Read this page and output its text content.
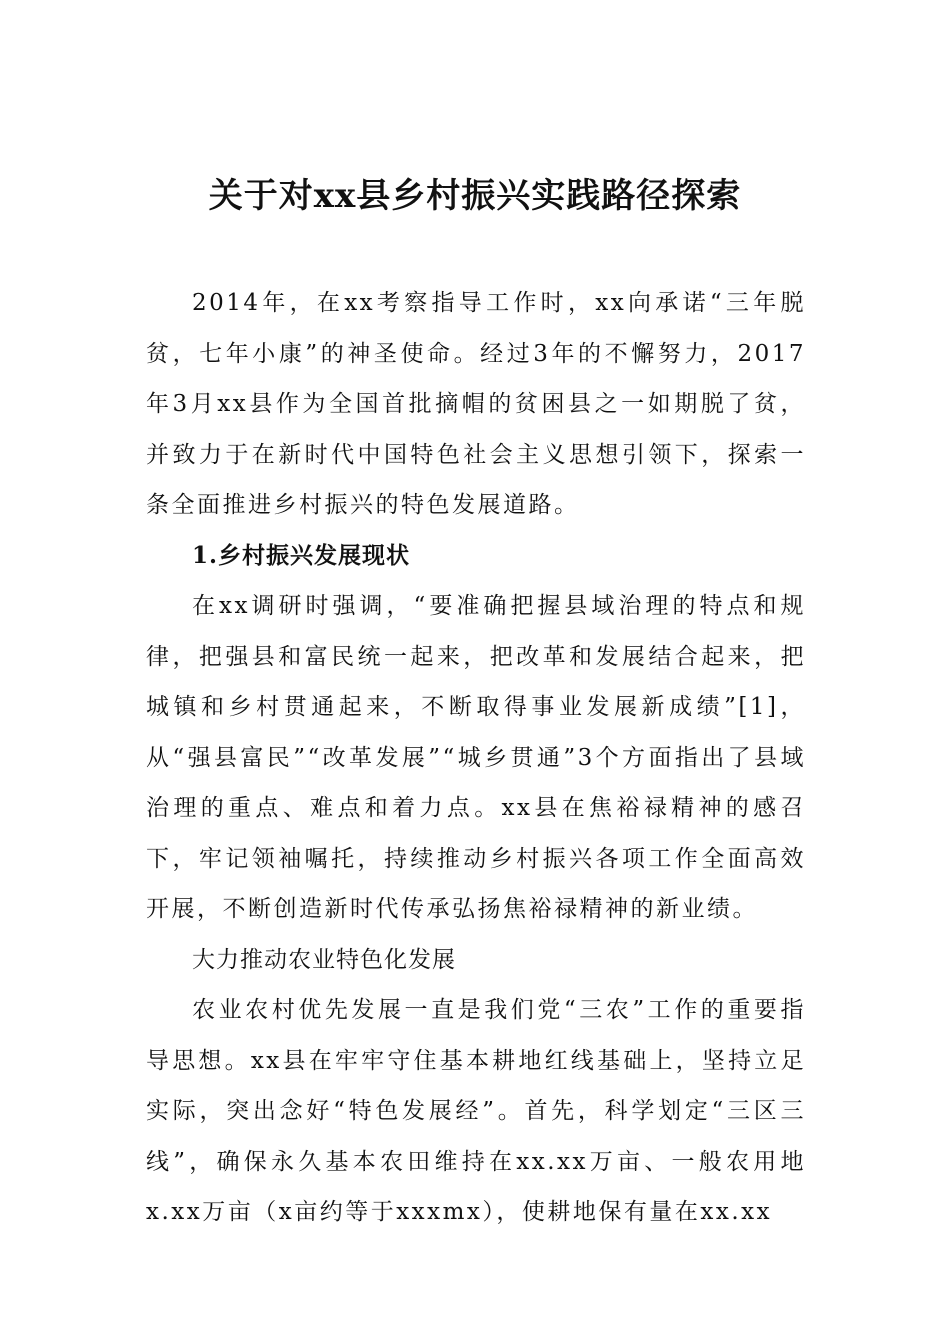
关于对xx县乡村振兴实践路径探索

2014年，在xx考察指导工作时，xx向承诺“三年脱贫，七年小康”的神圣使命。经过3年的不懈努力，2017年3月xx县作为全国首批摘帽的贫困县之一如期脱了贫，并致力于在新时代中国特色社会主义思想引领下，探索一条全面推进乡村振兴的特色发展道路。

1.乡村振兴发展现状

在xx调研时强调，“要准确把握县域治理的特点和规律，把强县和富民统一起来，把改革和发展结合起来，把城镇和乡村贯通起来，不断取得事业发展新成绩”[1]，从“强县富民”“改革发展”“城乡贯通”3个方面指出了县域治理的重点、难点和着力点。xx县在焦裕禄精神的感召下，牢记领袖嘱托，持续推动乡村振兴各项工作全面高效开展，不断创造新时代传承弘扬焦裕禄精神的新业绩。

大力推动农业特色化发展

农业农村优先发展一直是我们党“三农”工作的重要指导思想。xx县在牢牢守住基本耕地红线基础上，坚持立足实际，突出念好“特色发展经”。首先，科学划定“三区三线”，确保永久基本农田维持在xx.xx万亩、一般农用地x.xx万亩（x亩约等于xxxmx），使耕地保有量在xx.xx
